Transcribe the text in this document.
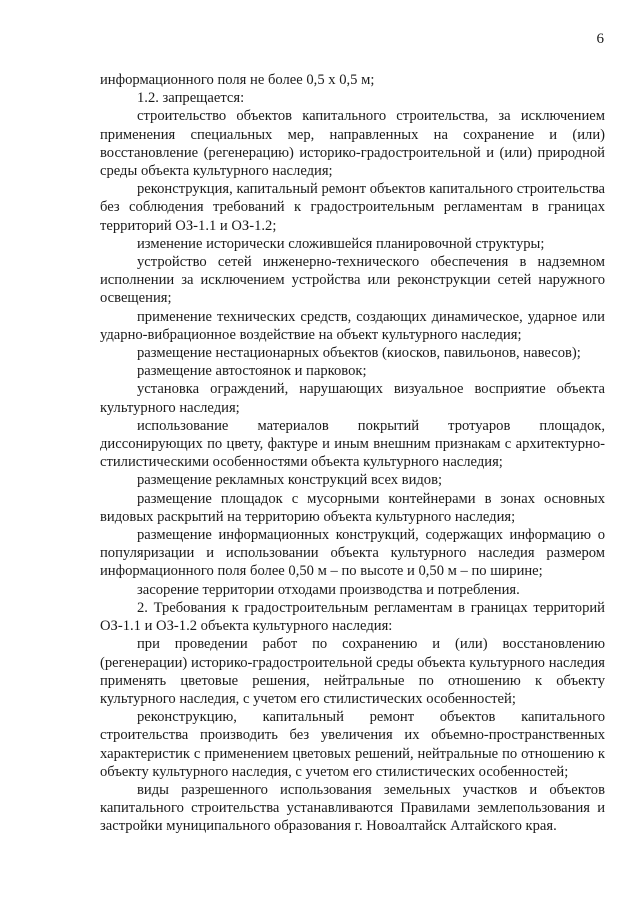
6

информационного поля не более 0,5 х 0,5 м;

1.2. запрещается:

строительство объектов капитального строительства, за исключением применения специальных мер, направленных на сохранение и (или) восстановление (регенерацию) историко-градостроительной и (или) природной среды объекта культурного наследия;

реконструкция, капитальный ремонт объектов капитального строительства без соблюдения требований к градостроительным регламентам в границах территорий ОЗ-1.1 и ОЗ-1.2;

изменение исторически сложившейся планировочной структуры;

устройство сетей инженерно-технического обеспечения в надземном исполнении за исключением устройства или реконструкции сетей наружного освещения;

применение технических средств, создающих динамическое, ударное или ударно-вибрационное воздействие на объект культурного наследия;

размещение нестационарных объектов (киосков, павильонов, навесов);

размещение автостоянок и парковок;

установка ограждений, нарушающих визуальное восприятие объекта культурного наследия;

использование материалов покрытий тротуаров площадок, диссонирующих по цвету, фактуре и иным внешним признакам с архитектурно-стилистическими особенностями объекта культурного наследия;

размещение рекламных конструкций всех видов;

размещение площадок с мусорными контейнерами в зонах основных видовых раскрытий на территорию объекта культурного наследия;

размещение информационных конструкций, содержащих информацию о популяризации и использовании объекта культурного наследия размером информационного поля более 0,50 м – по высоте и 0,50 м – по ширине;

засорение территории отходами производства и потребления.

2. Требования к градостроительным регламентам в границах территорий ОЗ-1.1 и ОЗ-1.2 объекта культурного наследия:

при проведении работ по сохранению и (или) восстановлению (регенерации) историко-градостроительной среды объекта культурного наследия применять цветовые решения, нейтральные по отношению к объекту культурного наследия, с учетом его стилистических особенностей;

реконструкцию, капитальный ремонт объектов капитального строительства производить без увеличения их объемно-пространственных характеристик с применением цветовых решений, нейтральные по отношению к объекту культурного наследия, с учетом его стилистических особенностей;

виды разрешенного использования земельных участков и объектов капитального строительства устанавливаются Правилами землепользования и застройки муниципального образования г. Новоалтайск Алтайского края.
